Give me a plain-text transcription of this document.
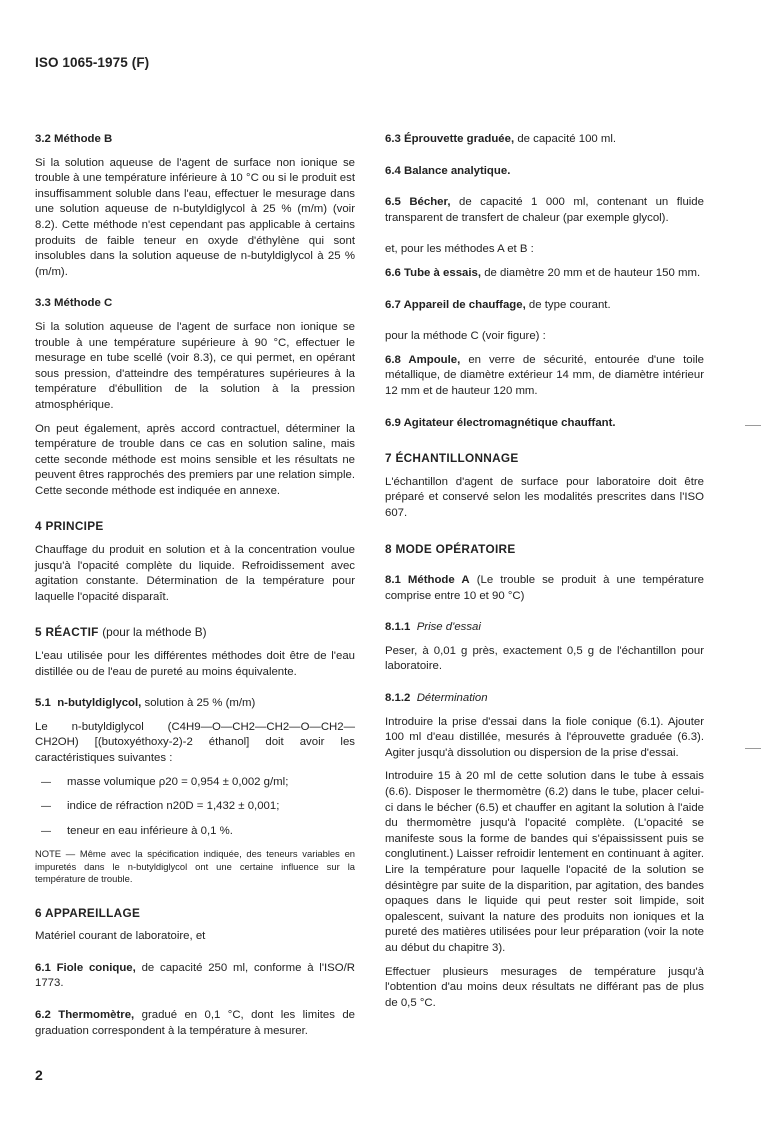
ISO 1065-1975 (F)
3.2 Méthode B

Si la solution aqueuse de l'agent de surface non ionique se trouble à une température inférieure à 10 °C ou si le produit est insuffisamment soluble dans l'eau, effectuer le mesurage dans une solution aqueuse de n-butyldiglycol à 25 % (m/m) (voir 8.2). Cette méthode n'est cependant pas applicable à certains produits de faible teneur en oxyde d'éthylène qui sont insolubles dans la solution aqueuse de n-butyldiglycol à 25 % (m/m).

3.3 Méthode C

Si la solution aqueuse de l'agent de surface non ionique se trouble à une température supérieure à 90 °C, effectuer le mesurage en tube scellé (voir 8.3), ce qui permet, en opérant sous pression, d'atteindre des températures supérieures à la température d'ébullition de la solution à la pression atmosphérique.

On peut également, après accord contractuel, déterminer la température de trouble dans ce cas en solution saline, mais cette seconde méthode est moins sensible et les résultats ne peuvent êtres rapprochés des premiers par une relation simple. Cette seconde méthode est indiquée en annexe.

4 PRINCIPE

Chauffage du produit en solution et à la concentration voulue jusqu'à l'opacité complète du liquide. Refroidissement avec agitation constante. Détermination de la température pour laquelle l'opacité disparaît.

5 RÉACTIF (pour la méthode B)

L'eau utilisée pour les différentes méthodes doit être de l'eau distillée ou de l'eau de pureté au moins équivalente.

5.1 n-butyldiglycol, solution à 25 % (m/m)

Le n-butyldiglycol (C4H9—O—CH2—CH2—O—CH2—CH2OH) [(butoxyéthoxy-2)-2 éthanol] doit avoir les caractéristiques suivantes :

— masse volumique ρ20 = 0,954 ± 0,002 g/ml;
— indice de réfraction n20D = 1,432 ± 0,001;
— teneur en eau inférieure à 0,1 %.

NOTE — Même avec la spécification indiquée, des teneurs variables en impuretés dans le n-butyldiglycol ont une certaine influence sur la température de trouble.

6 APPAREILLAGE

Matériel courant de laboratoire, et

6.1 Fiole conique, de capacité 250 ml, conforme à l'ISO/R 1773.

6.2 Thermomètre, gradué en 0,1 °C, dont les limites de graduation correspondent à la température à mesurer.

6.3 Éprouvette graduée, de capacité 100 ml.

6.4 Balance analytique.

6.5 Bécher, de capacité 1 000 ml, contenant un fluide transparent de transfert de chaleur (par exemple glycol).

et, pour les méthodes A et B :

6.6 Tube à essais, de diamètre 20 mm et de hauteur 150 mm.

6.7 Appareil de chauffage, de type courant.

pour la méthode C (voir figure) :

6.8 Ampoule, en verre de sécurité, entourée d'une toile métallique, de diamètre extérieur 14 mm, de diamètre intérieur 12 mm et de hauteur 120 mm.

6.9 Agitateur électromagnétique chauffant.

7 ÉCHANTILLONNAGE

L'échantillon d'agent de surface pour laboratoire doit être préparé et conservé selon les modalités prescrites dans l'ISO 607.

8 MODE OPÉRATOIRE

8.1 Méthode A (Le trouble se produit à une température comprise entre 10 et 90 °C)

8.1.1 Prise d'essai

Peser, à 0,01 g près, exactement 0,5 g de l'échantillon pour laboratoire.

8.1.2 Détermination

Introduire la prise d'essai dans la fiole conique (6.1). Ajouter 100 ml d'eau distillée, mesurés à l'éprouvette graduée (6.3). Agiter jusqu'à dissolution ou dispersion de la prise d'essai.

Introduire 15 à 20 ml de cette solution dans le tube à essais (6.6). Disposer le thermomètre (6.2) dans le tube, placer celui-ci dans le bécher (6.5) et chauffer en agitant la solution à l'aide du thermomètre jusqu'à l'opacité complète. (L'opacité se manifeste sous la forme de bandes qui s'épaississent puis se conglutinent.) Laisser refroidir lentement en continuant à agiter. Lire la température pour laquelle l'opacité de la solution se désintègre par suite de la disparition, par agitation, des bandes opaques dans le liquide qui peut rester soit limpide, soit opalescent, suivant la nature des produits non ioniques et la pureté des matières utilisées pour leur préparation (voir la note au début du chapitre 3).

Effectuer plusieurs mesurages de température jusqu'à l'obtention d'au moins deux résultats ne différant pas de plus de 0,5 °C.

2
